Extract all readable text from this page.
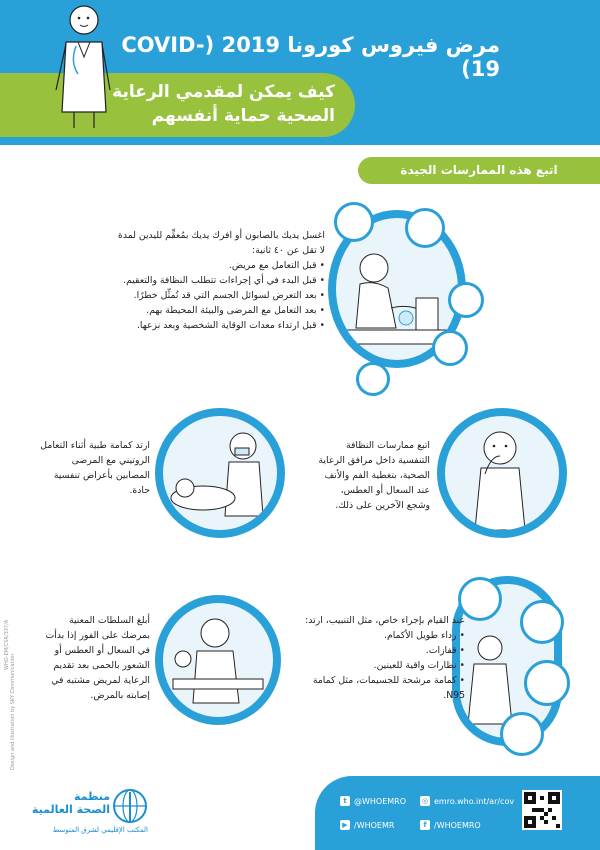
مرض فيروس كورونا 2019 (COVID-19)
كيف يمكن لمقدمي الرعاية
الصحية حماية أنفسهم
اتبع هذه الممارسات الجيدة
اغسل يديك بالصابون أو افرك يديك بمُعقِّم لليدين لمدة لا تقل عن ٤٠ ثانية:
• قبل التعامل مع مريض.
• قبل البدء في أي إجراءات تتطلب النظافة والتعقيم.
• بعد التعرض لسوائل الجسم التي قد تُمثِّل خطرًا.
• بعد التعامل مع المرضى والبيئة المحيطة بهم.
• قبل ارتداء معدات الوقاية الشخصية وبعد نزعها.
ارتد كمامة طبية أثناء التعامل الروتيني مع المرضى المصابين بأعراض تنفسية حادة.
اتبع ممارسات النظافة التنفسية داخل مرافق الرعاية الصحية، بتغطية الفم والأنف عند السعال أو العطس، وشجع الآخرين على ذلك.
أبلغ السلطات المعنية بمرضك على الفور إذا بدأت في السعال أو العطس أو الشعور بالحمى بعد تقديم الرعاية لمريض مشتبه في إصابته بالمرض.
عند القيام بإجراء خاص، مثل التنبيب، ارتد:
• رداء طويل الأكمام.
• قفازات.
• نظارات واقية للعينين.
• كمامة مرشحة للجسيمات، مثل كمامة N95.
WHO-EM/CSR/337/A
Design and illustration by SKY Communication
منظمة
الصحة العالمية
المكتب الإقليمي لشرق المتوسط
t @WHOEMRO
▶ /WHOEMR
◎ emro.who.int/ar/cov
f /WHOEMRO
